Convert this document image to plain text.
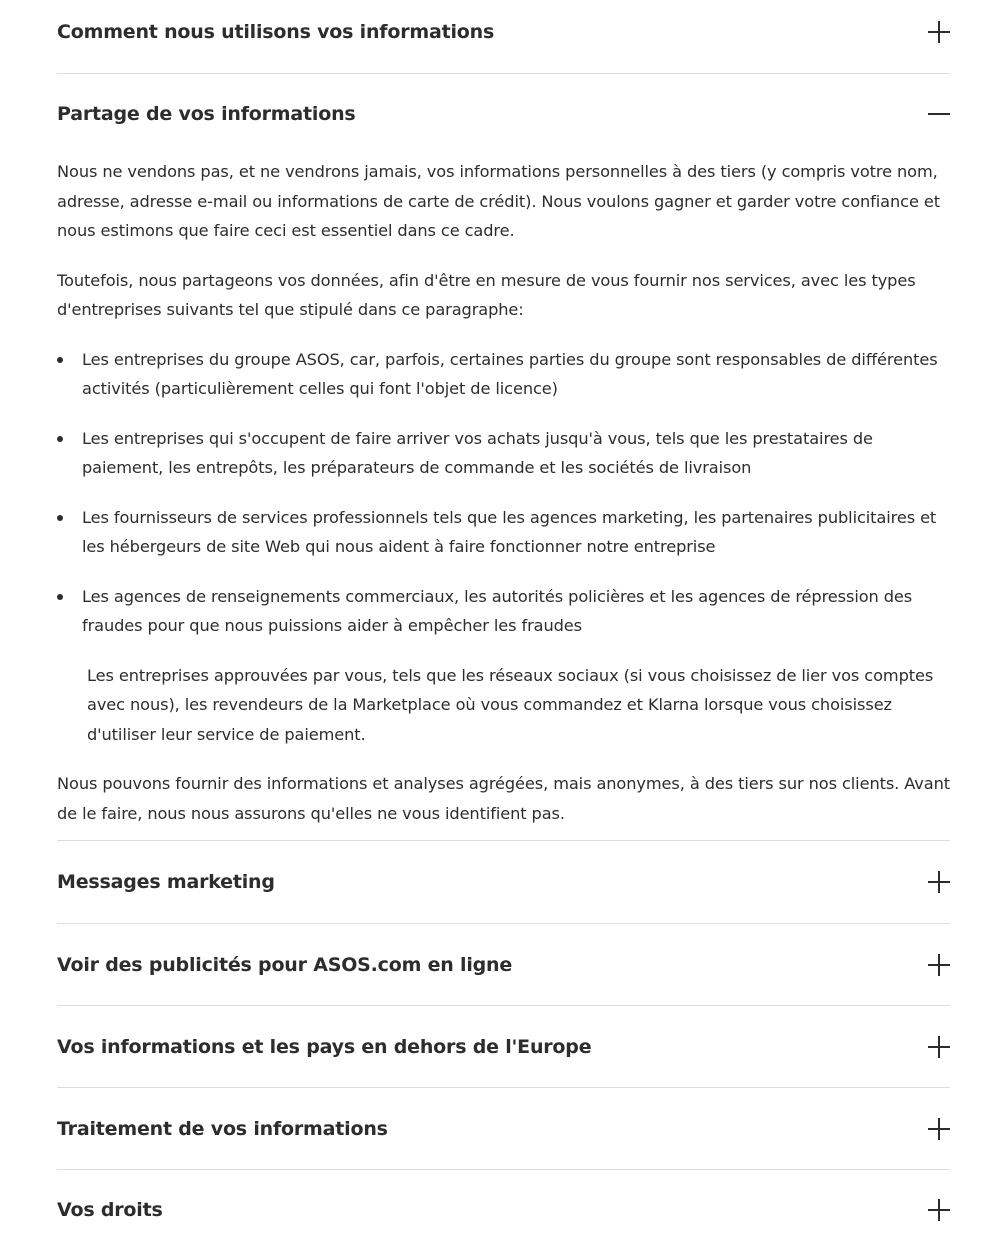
Comment nous utilisons vos informations
Partage de vos informations

Nous ne vendons pas, et ne vendrons jamais, vos informations personnelles à des tiers (y compris votre nom, adresse, adresse e-mail ou informations de carte de crédit). Nous voulons gagner et garder votre confiance et nous estimons que faire ceci est essentiel dans ce cadre.

Toutefois, nous partageons vos données, afin d'être en mesure de vous fournir nos services, avec les types d'entreprises suivants tel que stipulé dans ce paragraphe:

Les entreprises du groupe ASOS, car, parfois, certaines parties du groupe sont responsables de différentes activités (particulièrement celles qui font l'objet de licence)
Les entreprises qui s'occupent de faire arriver vos achats jusqu'à vous, tels que les prestataires de paiement, les entrepôts, les préparateurs de commande et les sociétés de livraison
Les fournisseurs de services professionnels tels que les agences marketing, les partenaires publicitaires et les hébergeurs de site Web qui nous aident à faire fonctionner notre entreprise
Les agences de renseignements commerciaux, les autorités policières et les agences de répression des fraudes pour que nous puissions aider à empêcher les fraudes

Les entreprises approuvées par vous, tels que les réseaux sociaux (si vous choisissez de lier vos comptes avec nous), les revendeurs de la Marketplace où vous commandez et Klarna lorsque vous choisissez d'utiliser leur service de paiement.

Nous pouvons fournir des informations et analyses agrégées, mais anonymes, à des tiers sur nos clients. Avant de le faire, nous nous assurons qu'elles ne vous identifient pas.

Messages marketing
Voir des publicités pour ASOS.com en ligne
Vos informations et les pays en dehors de l'Europe
Traitement de vos informations
Vos droits
